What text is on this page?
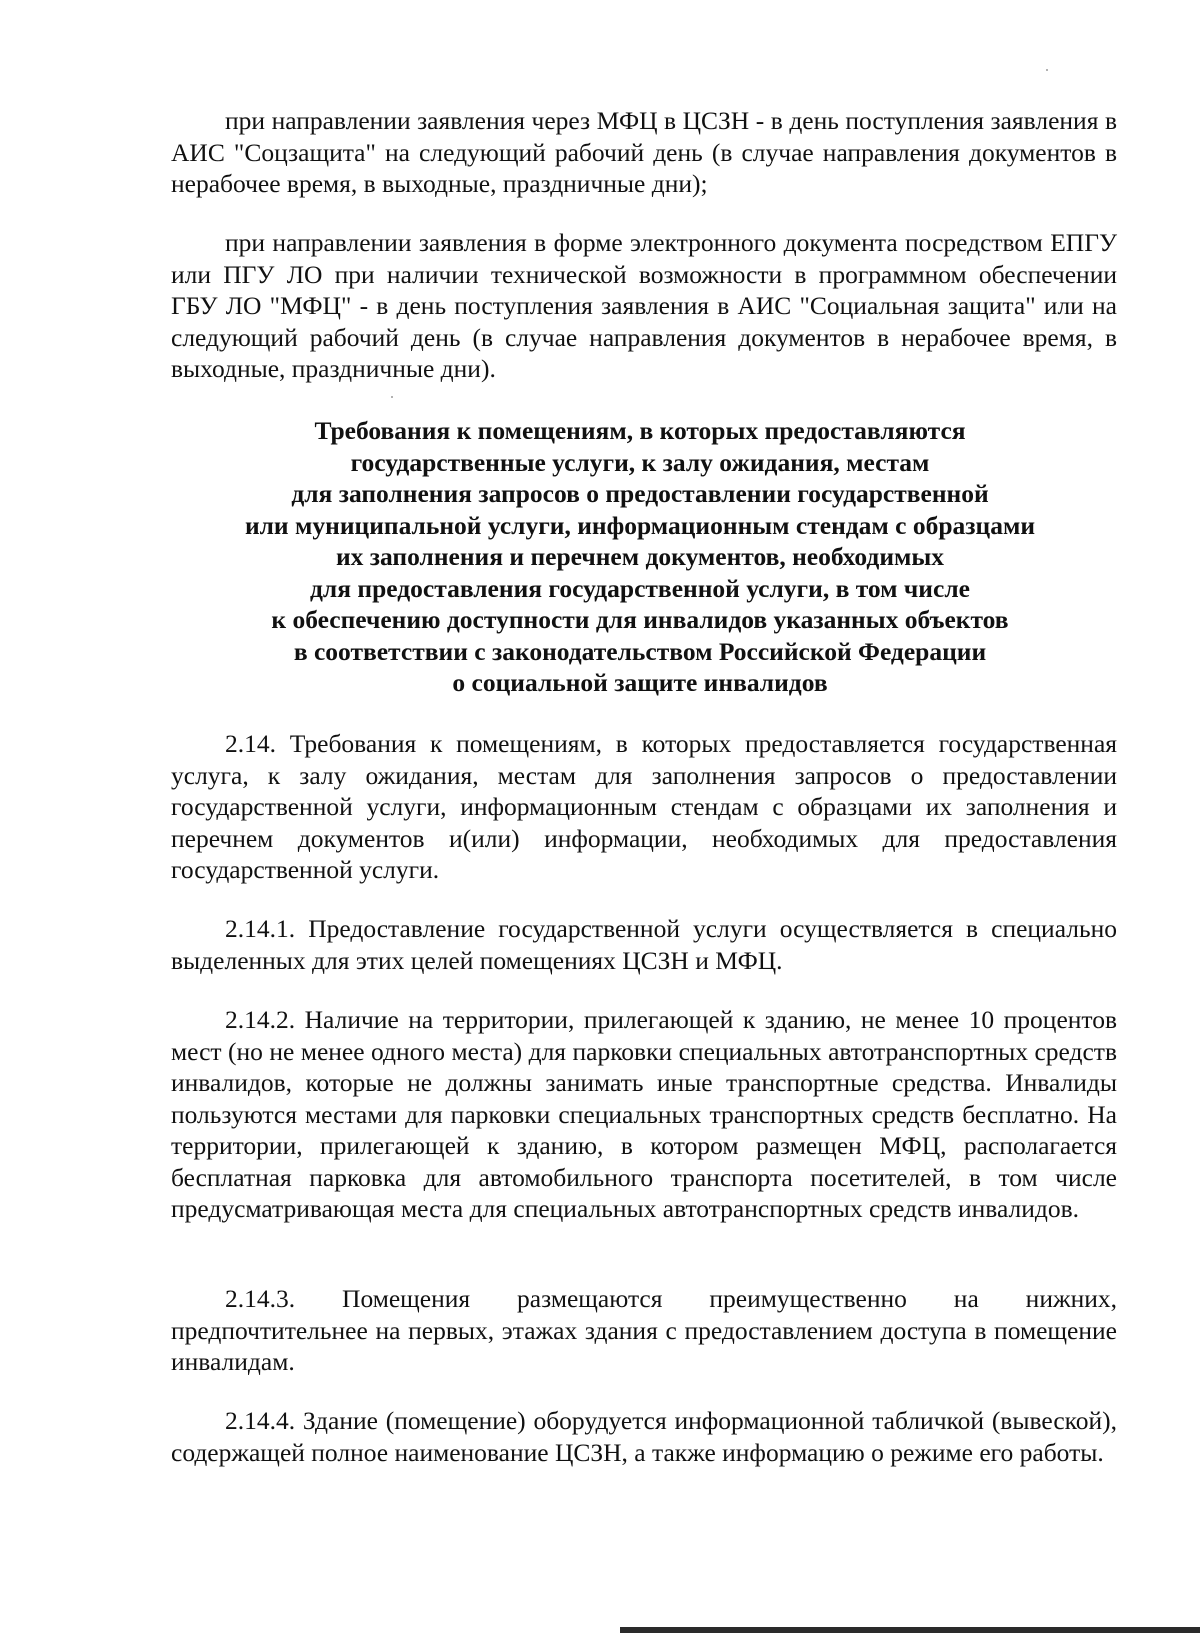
при направлении заявления через МФЦ в ЦСЗН - в день поступления заявления в АИС "Соцзащита" на следующий рабочий день (в случае направления документов в нерабочее время, в выходные, праздничные дни);

при направлении заявления в форме электронного документа посредством ЕПГУ или ПГУ ЛО при наличии технической возможности в программном обеспечении ГБУ ЛО "МФЦ" - в день поступления заявления в АИС "Социальная защита" или на следующий рабочий день (в случае направления документов в нерабочее время, в выходные, праздничные дни).

Требования к помещениям, в которых предоставляются
государственные услуги, к залу ожидания, местам
для заполнения запросов о предоставлении государственной
или муниципальной услуги, информационным стендам с образцами
их заполнения и перечнем документов, необходимых
для предоставления государственной услуги, в том числе
к обеспечению доступности для инвалидов указанных объектов
в соответствии с законодательством Российской Федерации
о социальной защите инвалидов

2.14. Требования к помещениям, в которых предоставляется государственная услуга, к залу ожидания, местам для заполнения запросов о предоставлении государственной услуги, информационным стендам с образцами их заполнения и перечнем документов и(или) информации, необходимых для предоставления государственной услуги.

2.14.1. Предоставление государственной услуги осуществляется в специально выделенных для этих целей помещениях ЦСЗН и МФЦ.

2.14.2. Наличие на территории, прилегающей к зданию, не менее 10 процентов мест (но не менее одного места) для парковки специальных автотранспортных средств инвалидов, которые не должны занимать иные транспортные средства. Инвалиды пользуются местами для парковки специальных транспортных средств бесплатно. На территории, прилегающей к зданию, в котором размещен МФЦ, располагается бесплатная парковка для автомобильного транспорта посетителей, в том числе предусматривающая места для специальных автотранспортных средств инвалидов.

2.14.3. Помещения размещаются преимущественно на нижних, предпочтительнее на первых, этажах здания с предоставлением доступа в помещение инвалидам.

2.14.4. Здание (помещение) оборудуется информационной табличкой (вывеской), содержащей полное наименование ЦСЗН, а также информацию о режиме его работы.
